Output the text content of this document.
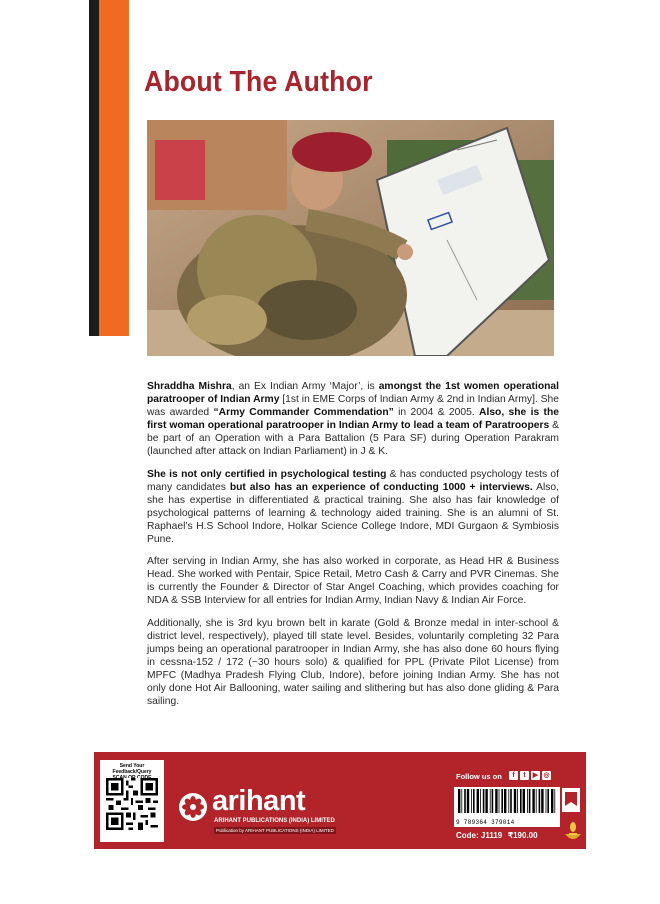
About The Author

Shraddha Mishra, an Ex Indian Army ‘Major’, is amongst the 1st women operational paratrooper of Indian Army [1st in EME Corps of Indian Army & 2nd in Indian Army]. She was awarded “Army Commander Commendation” in 2004 & 2005. Also, she is the first woman operational paratrooper in Indian Army to lead a team of Paratroopers & be part of an Operation with a Para Battalion (5 Para SF) during Operation Parakram (launched after attack on Indian Parliament) in J & K.

She is not only certified in psychological testing & has conducted psychology tests of many candidates but also has an experience of conducting 1000 + interviews. Also, she has expertise in differentiated & practical training. She also has fair knowledge of psychological patterns of learning & technology aided training. She is an alumni of St. Raphael’s H.S School Indore, Holkar Science College Indore, MDI Gurgaon & Symbiosis Pune.

After serving in Indian Army, she has also worked in corporate, as Head HR & Business Head. She worked with Pentair, Spice Retail, Metro Cash & Carry and PVR Cinemas. She is currently the Founder & Director of Star Angel Coaching, which provides coaching for NDA & SSB Interview for all entries for Indian Army, Indian Navy & Indian Air Force.

Additionally, she is 3rd kyu brown belt in karate (Gold & Bronze medal in inter-school & district level, respectively), played till state level. Besides, voluntarily completing 32 Para jumps being an operational paratrooper in Indian Army, she has also done 60 hours flying in cessna-152 / 172 (~30 hours solo) & qualified for PPL (Private Pilot License) from MPFC (Madhya Pradesh Flying Club, Indore), before joining Indian Army. She has not only done Hot Air Ballooning, water sailing and slithering but has also done gliding & Para sailing.

Send Your Feedback/Query
arihant
ARIHANT PUBLICATIONS (INDIA) LIMITED
Publication by ARIHANT PUBLICATIONS (INDIA) LIMITED
Follow us on	f	t	▶ ◎
9 789364 379014
Code: J1119 ₹190.00
